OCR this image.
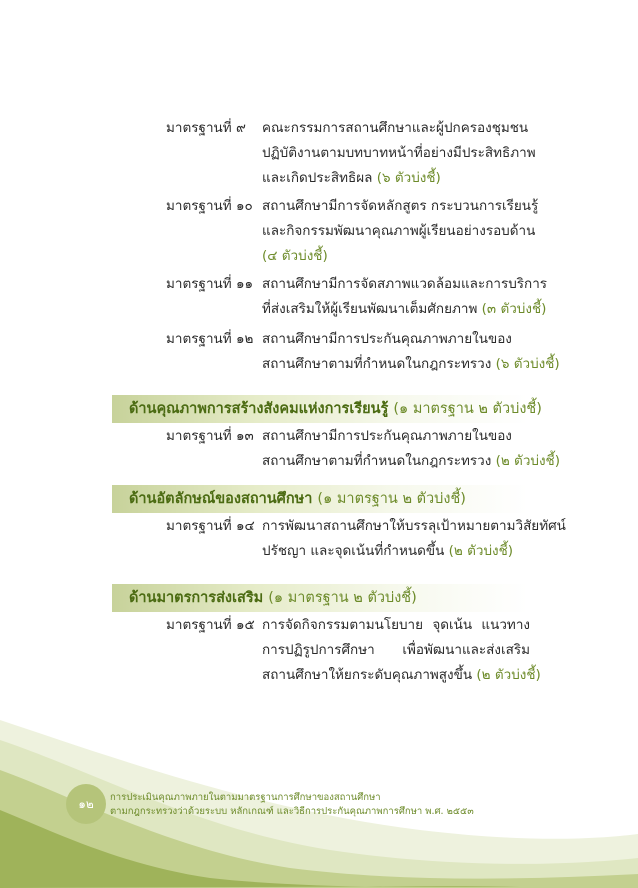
มาตรฐานที่ ๙ คณะกรรมการสถานศึกษาและผู้ปกครองชุมชน
ปฏิบัติงานตามบทบาทหน้าที่อย่างมีประสิทธิภาพ
และเกิดประสิทธิผล (๖ ตัวบ่งชี้)
มาตรฐานที่ ๑๐ สถานศึกษามีการจัดหลักสูตร กระบวนการเรียนรู้
และกิจกรรมพัฒนาคุณภาพผู้เรียนอย่างรอบด้าน
(๔ ตัวบ่งชี้)
มาตรฐานที่ ๑๑ สถานศึกษามีการจัดสภาพแวดล้อมและการบริการ
ที่ส่งเสริมให้ผู้เรียนพัฒนาเต็มศักยภาพ (๓ ตัวบ่งชี้)
มาตรฐานที่ ๑๒ สถานศึกษามีการประกันคุณภาพภายในของ
สถานศึกษาตามที่กำหนดในกฎกระทรวง (๖ ตัวบ่งชี้)
ด้านคุณภาพการสร้างสังคมแห่งการเรียนรู้ (๑ มาตรฐาน ๒ ตัวบ่งชี้)
มาตรฐานที่ ๑๓ สถานศึกษามีการประกันคุณภาพภายในของ
สถานศึกษาตามที่กำหนดในกฎกระทรวง (๒ ตัวบ่งชี้)
ด้านอัตลักษณ์ของสถานศึกษา (๑ มาตรฐาน ๒ ตัวบ่งชี้)
มาตรฐานที่ ๑๔ การพัฒนาสถานศึกษาให้บรรลุเป้าหมายตามวิสัยทัศน์
ปรัชญา และจุดเน้นที่กำหนดขึ้น (๒ ตัวบ่งชี้)
ด้านมาตรการส่งเสริม (๑ มาตรฐาน ๒ ตัวบ่งชี้)
มาตรฐานที่ ๑๕ การจัดกิจกรรมตามนโยบาย จุดเน้น แนวทาง
การปฏิรูปการศึกษา เพื่อพัฒนาและส่งเสริม
สถานศึกษาให้ยกระดับคุณภาพสูงขึ้น (๒ ตัวบ่งชี้)
๑๒	การประเมินคุณภาพภายในตามมาตรฐานการศึกษาของสถานศึกษา
ตามกฎกระทรวงว่าด้วยระบบ หลักเกณฑ์ และวิธีการประกันคุณภาพการศึกษา พ.ศ. ๒๕๕๓
